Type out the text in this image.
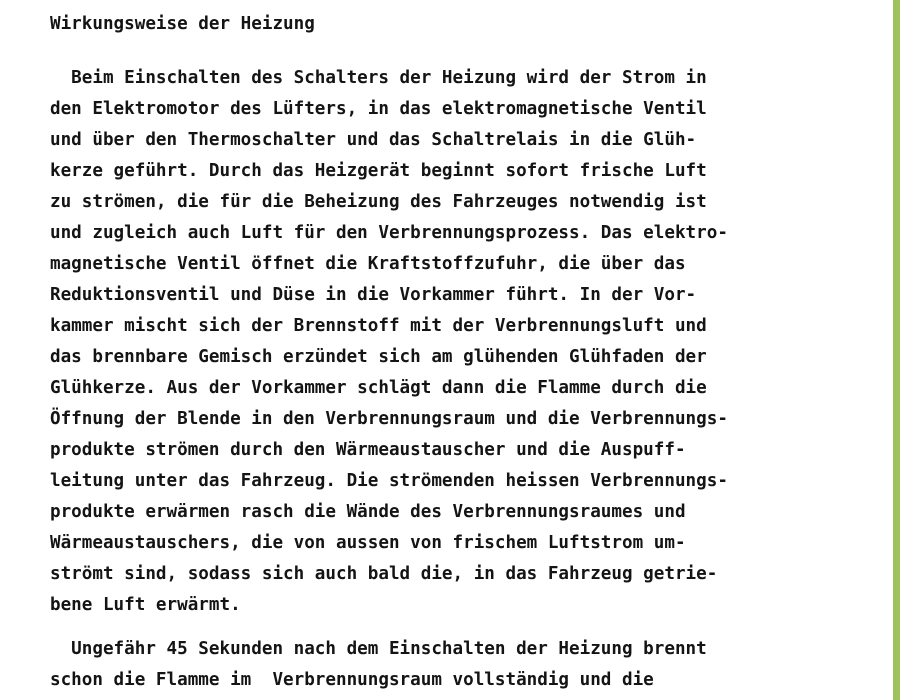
Wirkungsweise der Heizung
Beim Einschalten des Schalters der Heizung wird der Strom in
den Elektromotor des Lüfters, in das elektromagnetische Ventil
und über den Thermoschalter und das Schaltrelais in die Glüh-
kerze geführt. Durch das Heizgerät beginnt sofort frische Luft
zu strömen, die für die Beheizung des Fahrzeuges notwendig ist
und zugleich auch Luft für den Verbrennungsprozess. Das elektro-
magnetische Ventil öffnet die Kraftstoffzufuhr, die über das
Reduktionsventil und Düse in die Vorkammer führt. In der Vor-
kammer mischt sich der Brennstoff mit der Verbrennungsluft und
das brennbare Gemisch erzündet sich am glühenden Glühfaden der
Glühkerze. Aus der Vorkammer schlägt dann die Flamme durch die
Öffnung der Blende in den Verbrennungsraum und die Verbrennungs-
produkte strömen durch den Wärmeaustauscher und die Auspuff-
leitung unter das Fahrzeug. Die strömenden heissen Verbrennungs-
produkte erwärmen rasch die Wände des Verbrennungsraumes und
Wärmeaustauschers, die von aussen von frischem Luftstrom um-
strömt sind, sodass sich auch bald die, in das Fahrzeug getrie-
bene Luft erwärmt.
Ungefähr 45 Sekunden nach dem Einschalten der Heizung brennt
schon die Flamme im  Verbrennungsraum vollständig und die
